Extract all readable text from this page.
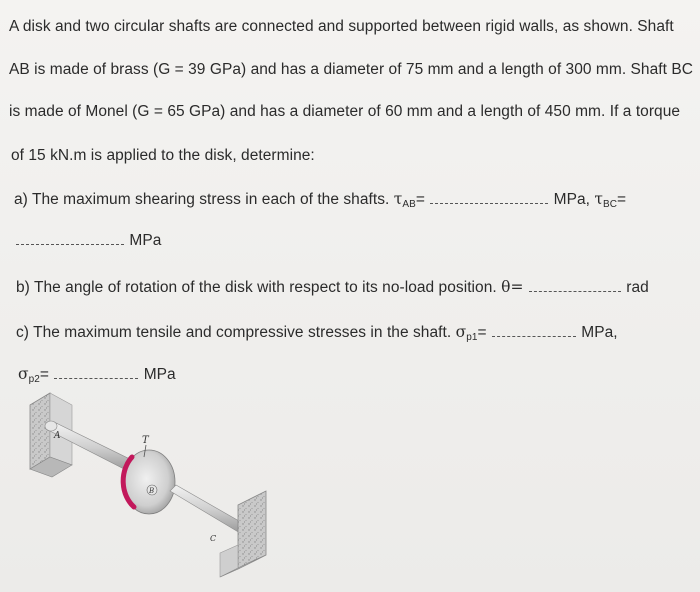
A disk and two circular shafts are connected and supported between rigid walls, as shown. Shaft
AB is made of brass (G = 39 GPa) and has a diameter of 75 mm and a length of 300 mm. Shaft BC
is made of Monel (G = 65 GPa) and has a diameter of 60 mm and a length of 450 mm. If a torque
of 15 kN.m is applied to the disk, determine:
a) The maximum shearing stress in each of the shafts. $\tau_{AB}=$	MPa, $\tau_{BC}=$
MPa
b) The angle of rotation of the disk with respect to its no-load position. θ=	rad
c) The maximum tensile and compressive stresses in the shaft. $\sigma_{p1}=$	MPa,
$\sigma_{p2}=$	MPa
A	T
B
C
